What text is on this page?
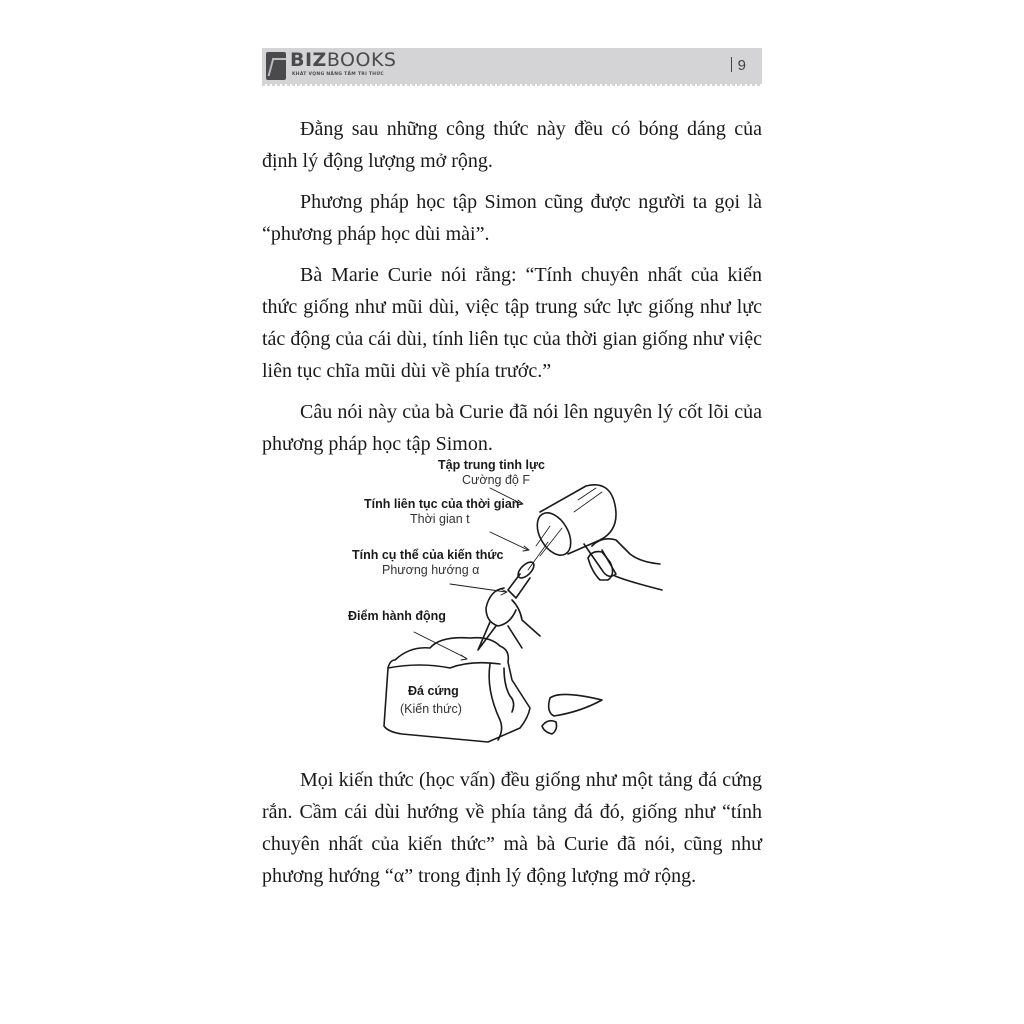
BIZBOOKS
KHÁT VỌNG NÂNG TẦM TRI THỨC
9

Đằng sau những công thức này đều có bóng dáng của định lý động lượng mở rộng.

Phương pháp học tập Simon cũng được người ta gọi là “phương pháp học dùi mài”.

Bà Marie Curie nói rằng: “Tính chuyên nhất của kiến thức giống như mũi dùi, việc tập trung sức lực giống như lực tác động của cái dùi, tính liên tục của thời gian giống như việc liên tục chĩa mũi dùi về phía trước.”

Câu nói này của bà Curie đã nói lên nguyên lý cốt lõi của phương pháp học tập Simon.

Tập trung tinh lực
Cường độ F
Tính liên tục của thời gian
Thời gian t
Tính cụ thể của kiến thức
Phương hướng α
Điểm hành động
Đá cứng
(Kiến thức)

Mọi kiến thức (học vấn) đều giống như một tảng đá cứng rắn. Cầm cái dùi hướng về phía tảng đá đó, giống như “tính chuyên nhất của kiến thức” mà bà Curie đã nói, cũng như phương hướng “α” trong định lý động lượng mở rộng.
